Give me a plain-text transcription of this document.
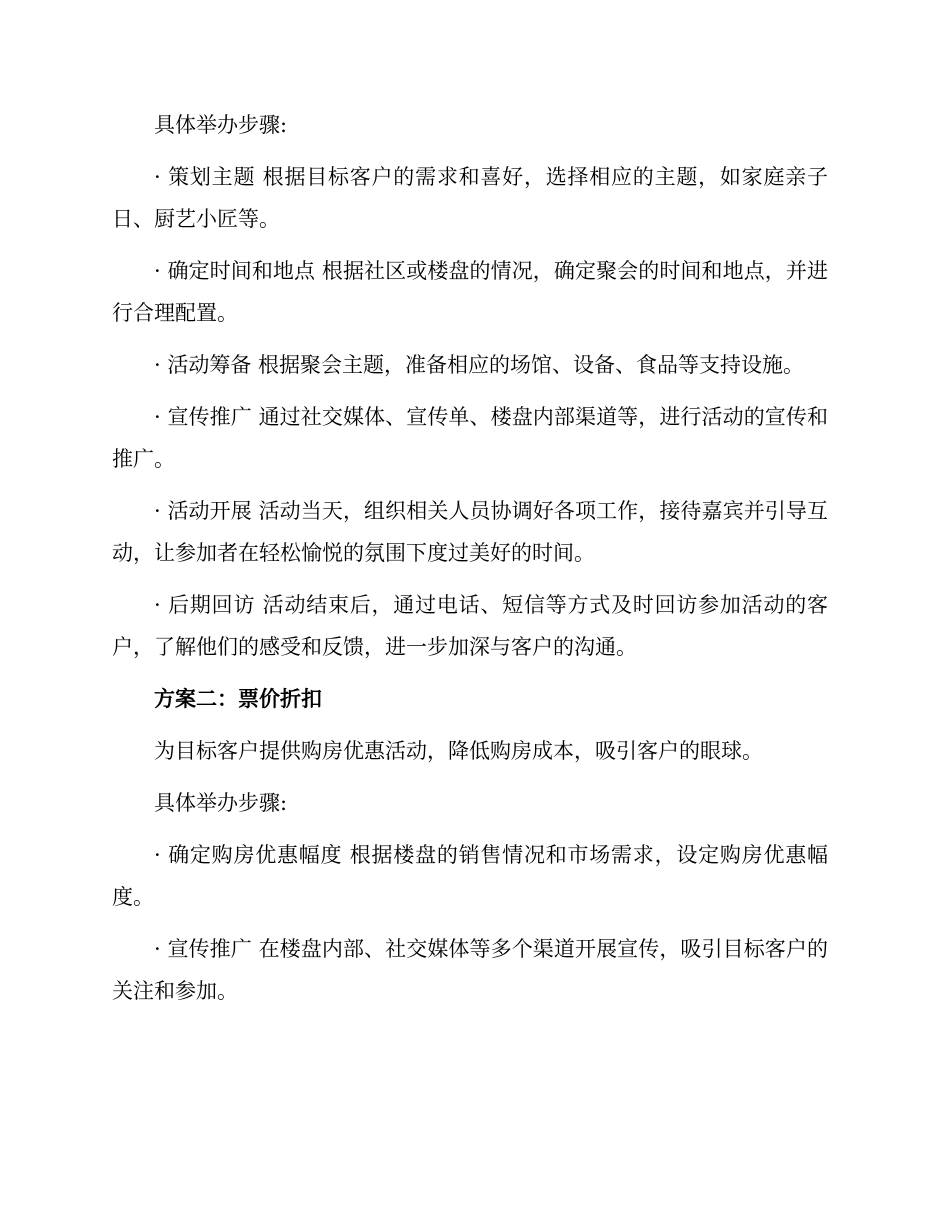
具体举办步骤:

· 策划主题 根据目标客户的需求和喜好，选择相应的主题，如家庭亲子日、厨艺小匠等。

· 确定时间和地点 根据社区或楼盘的情况，确定聚会的时间和地点，并进行合理配置。

· 活动筹备 根据聚会主题，准备相应的场馆、设备、食品等支持设施。

· 宣传推广 通过社交媒体、宣传单、楼盘内部渠道等，进行活动的宣传和推广。

· 活动开展 活动当天，组织相关人员协调好各项工作，接待嘉宾并引导互动，让参加者在轻松愉悦的氛围下度过美好的时间。

· 后期回访 活动结束后，通过电话、短信等方式及时回访参加活动的客户，了解他们的感受和反馈，进一步加深与客户的沟通。

方案二：票价折扣

为目标客户提供购房优惠活动，降低购房成本，吸引客户的眼球。

具体举办步骤:

· 确定购房优惠幅度 根据楼盘的销售情况和市场需求，设定购房优惠幅度。

· 宣传推广 在楼盘内部、社交媒体等多个渠道开展宣传，吸引目标客户的关注和参加。
